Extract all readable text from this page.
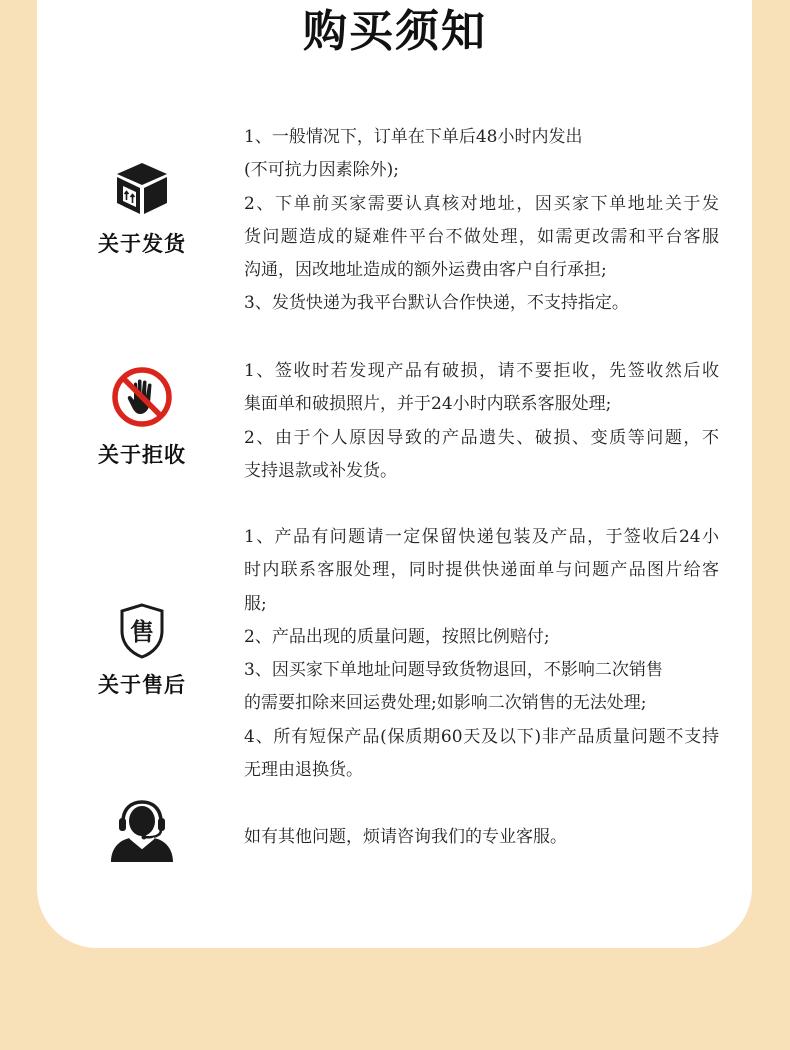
购买须知
关于发货
1、一般情况下，订单在下单后48小时内发出
(不可抗力因素除外);
2、下单前买家需要认真核对地址，因买家下单地址关于发
货问题造成的疑难件平台不做处理，如需更改需和平台客服
沟通，因改地址造成的额外运费由客户自行承担;
3、发货快递为我平台默认合作快递，不支持指定。
关于拒收
1、签收时若发现产品有破损，请不要拒收，先签收然后收
集面单和破损照片，并于24小时内联系客服处理;
2、由于个人原因导致的产品遗失、破损、变质等问题，不
支持退款或补发货。
售
关于售后
1、产品有问题请一定保留快递包装及产品，于签收后24小
时内联系客服处理，同时提供快递面单与问题产品图片给客
服;
2、产品出现的质量问题，按照比例赔付;
3、因买家下单地址问题导致货物退回，不影响二次销售
的需要扣除来回运费处理;如影响二次销售的无法处理;
4、所有短保产品(保质期60天及以下)非产品质量问题不支持
无理由退换货。
如有其他问题，烦请咨询我们的专业客服。
